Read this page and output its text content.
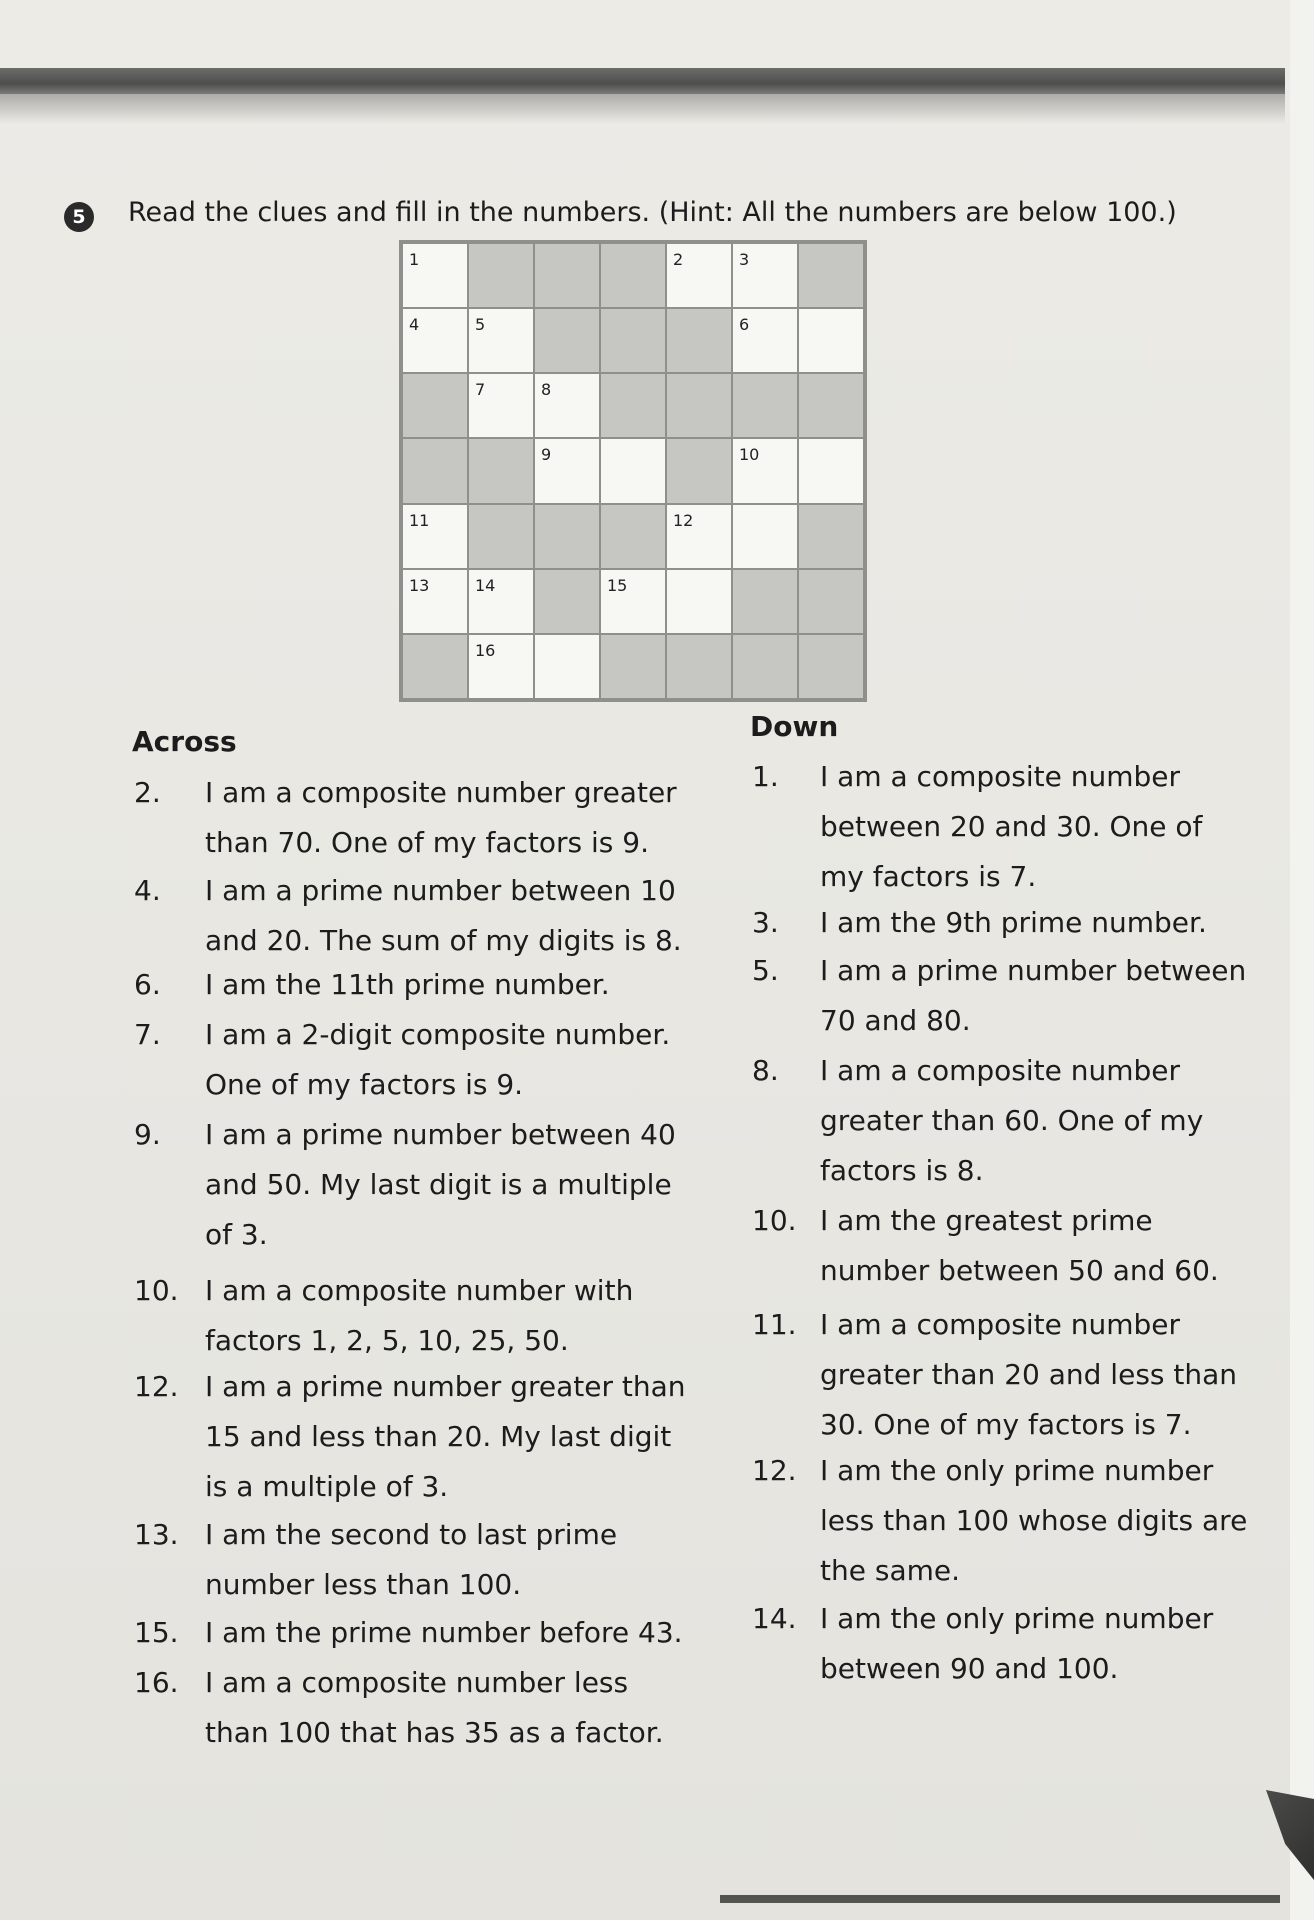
5	Read the clues and fill in the numbers. (Hint: All the numbers are below 100.)
1	2	3
4	5	6
7	8
9	10
11	12
13	14	15
16
Across
2. I am a composite number greater
than 70. One of my factors is 9.
4. I am a prime number between 10
and 20. The sum of my digits is 8.
6. I am the 11th prime number.
7. I am a 2-digit composite number.
One of my factors is 9.
9. I am a prime number between 40
and 50. My last digit is a multiple
of 3.
10. I am a composite number with
factors 1, 2, 5, 10, 25, 50.
12. I am a prime number greater than
15 and less than 20. My last digit
is a multiple of 3.
13. I am the second to last prime
number less than 100.
15. I am the prime number before 43.
16. I am a composite number less
than 100 that has 35 as a factor.
Down
1. I am a composite number
between 20 and 30. One of
my factors is 7.
3. I am the 9th prime number.
5. I am a prime number between
70 and 80.
8. I am a composite number
greater than 60. One of my
factors is 8.
10. I am the greatest prime
number between 50 and 60.
11. I am a composite number
greater than 20 and less than
30. One of my factors is 7.
12. I am the only prime number
less than 100 whose digits are
the same.
14. I am the only prime number
between 90 and 100.
